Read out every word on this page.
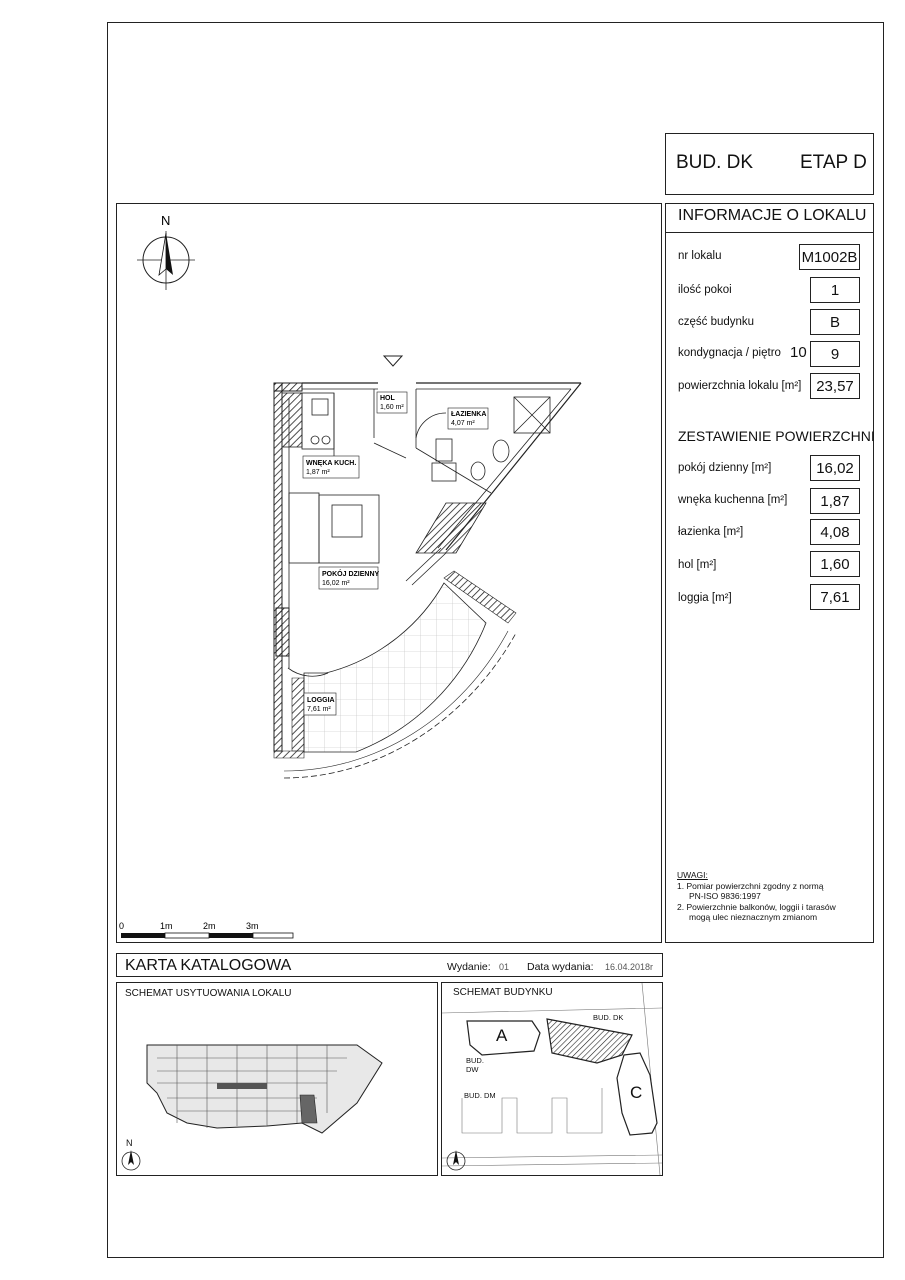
BUD. DK ETAP D
INFORMACJE O LOKALU
nr lokalu	M1002B
ilość pokoi	1
część budynku	B
kondygnacja / piętro 10	9
powierzchnia lokalu [m²] 23,57
ZESTAWIENIE POWIERZCHNI
pokój dzienny [m²]	16,02
wnęka kuchenna [m²]	1,87
łazienka [m²]	4,08
hol [m²]	1,60
loggia [m²]	7,61
UWAGI:
1. Pomiar powierzchni zgodny z normą
PN-ISO 9836:1997
2. Powierzchnie balkonów, loggii i tarasów
mogą ulec nieznacznym zmianom
N
HOL
1,60 m²
ŁAZIENKA
4,07 m²
WNĘKA KUCH.
1,87 m²
POKÓJ DZIENNY
16,02 m²
LOGGIA
7,61 m²
0	1m	2m	3m
KARTA KATALOGOWA	Wydanie: 01 Data wydania: 16.04.2018r
SCHEMAT USYTUOWANIA LOKALU
N
SCHEMAT BUDYNKU
A
C
BUD. DK
BUD.
DW
BUD. DM
